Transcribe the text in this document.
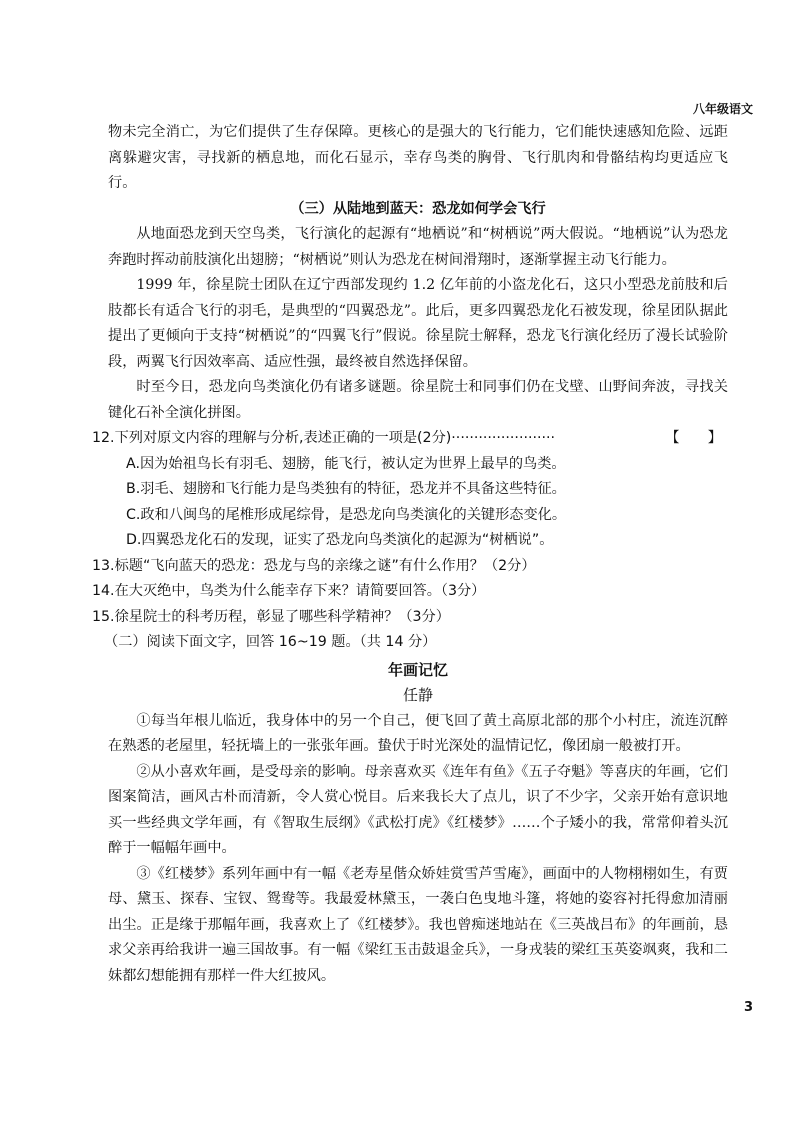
八年级语文

物未完全消亡，为它们提供了生存保障。更核心的是强大的飞行能力，它们能快速感知危险、远距离躲避灾害，寻找新的栖息地，而化石显示，幸存鸟类的胸骨、飞行肌肉和骨骼结构均更适应飞行。

（三）从陆地到蓝天：恐龙如何学会飞行

从地面恐龙到天空鸟类，飞行演化的起源有“地栖说”和“树栖说”两大假说。“地栖说”认为恐龙奔跑时挥动前肢演化出翅膀；“树栖说”则认为恐龙在树间滑翔时，逐渐掌握主动飞行能力。

1999 年，徐星院士团队在辽宁西部发现约 1.2 亿年前的小盗龙化石，这只小型恐龙前肢和后肢都长有适合飞行的羽毛，是典型的“四翼恐龙”。此后，更多四翼恐龙化石被发现，徐星团队据此提出了更倾向于支持“树栖说”的“四翼飞行”假说。徐星院士解释，恐龙飞行演化经历了漫长试验阶段，两翼飞行因效率高、适应性强，最终被自然选择保留。

时至今日，恐龙向鸟类演化仍有诸多谜题。徐星院士和同事们仍在戈壁、山野间奔波，寻找关键化石补全演化拼图。

12.下列对原文内容的理解与分析,表述正确的一项是(2分)·······················	【　　】

A.因为始祖鸟长有羽毛、翅膀，能飞行，被认定为世界上最早的鸟类。

B.羽毛、翅膀和飞行能力是鸟类独有的特征，恐龙并不具备这些特征。

C.政和八闽鸟的尾椎形成尾综骨，是恐龙向鸟类演化的关键形态变化。

D.四翼恐龙化石的发现，证实了恐龙向鸟类演化的起源为“树栖说”。

13.标题“飞向蓝天的恐龙：恐龙与鸟的亲缘之谜”有什么作用？（2分）

14.在大灭绝中，鸟类为什么能幸存下来？请简要回答。（3分）

15.徐星院士的科考历程，彰显了哪些科学精神？（3分）

（二）阅读下面文字，回答 16~19 题。（共 14 分）

年画记忆

任静

①每当年根儿临近，我身体中的另一个自己，便飞回了黄土高原北部的那个小村庄，流连沉醉在熟悉的老屋里，轻抚墙上的一张张年画。蛰伏于时光深处的温情记忆，像团扇一般被打开。

②从小喜欢年画，是受母亲的影响。母亲喜欢买《连年有鱼》《五子夺魁》等喜庆的年画，它们图案简洁，画风古朴而清新，令人赏心悦目。后来我长大了点儿，识了不少字，父亲开始有意识地买一些经典文学年画，有《智取生辰纲》《武松打虎》《红楼梦》……个子矮小的我，常常仰着头沉醉于一幅幅年画中。

③《红楼梦》系列年画中有一幅《老寿星偕众娇娃赏雪芦雪庵》，画面中的人物栩栩如生，有贾母、黛玉、探春、宝钗、鸳鸯等。我最爱林黛玉，一袭白色曳地斗篷，将她的姿容衬托得愈加清丽出尘。正是缘于那幅年画，我喜欢上了《红楼梦》。我也曾痴迷地站在《三英战吕布》的年画前，恳求父亲再给我讲一遍三国故事。有一幅《梁红玉击鼓退金兵》，一身戎装的梁红玉英姿飒爽，我和二妹都幻想能拥有那样一件大红披风。

3
